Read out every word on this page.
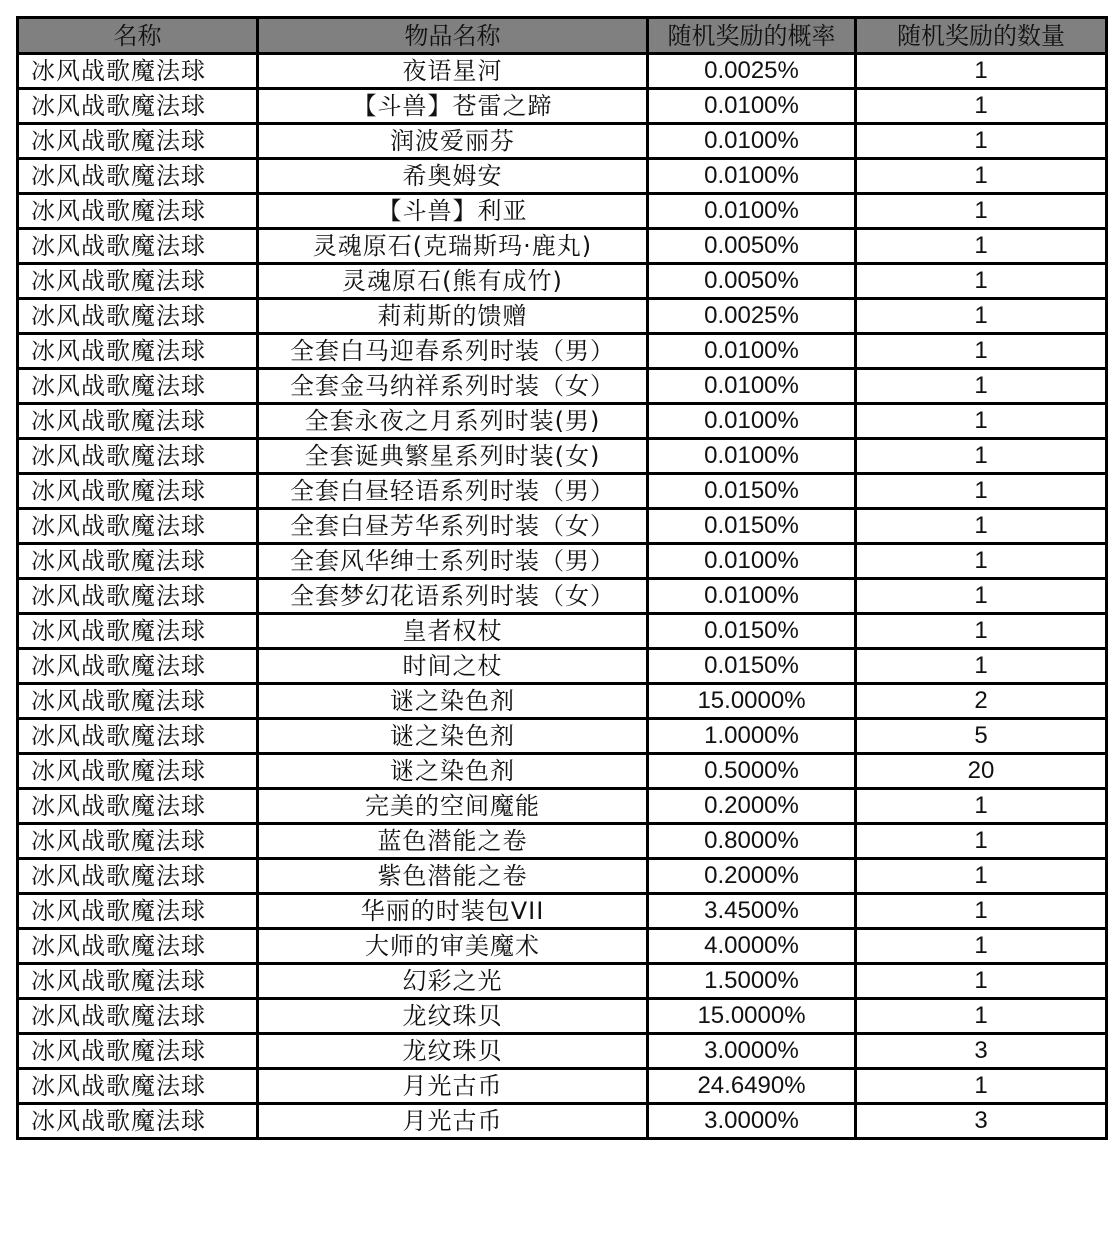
名称	物品名称	随机奖励的概率	随机奖励的数量
冰风战歌魔法球	夜语星河	0.0025%	1
冰风战歌魔法球	【斗兽】苍雷之蹄	0.0100%	1
冰风战歌魔法球	润波爱丽芬	0.0100%	1
冰风战歌魔法球	希奥姆安	0.0100%	1
冰风战歌魔法球	【斗兽】利亚	0.0100%	1
冰风战歌魔法球	灵魂原石(克瑞斯玛·鹿丸)	0.0050%	1
冰风战歌魔法球	灵魂原石(熊有成竹)	0.0050%	1
冰风战歌魔法球	莉莉斯的馈赠	0.0025%	1
冰风战歌魔法球	全套白马迎春系列时装（男）	0.0100%	1
冰风战歌魔法球	全套金马纳祥系列时装（女）	0.0100%	1
冰风战歌魔法球	全套永夜之月系列时装(男)	0.0100%	1
冰风战歌魔法球	全套诞典繁星系列时装(女)	0.0100%	1
冰风战歌魔法球	全套白昼轻语系列时装（男）	0.0150%	1
冰风战歌魔法球	全套白昼芳华系列时装（女）	0.0150%	1
冰风战歌魔法球	全套风华绅士系列时装（男）	0.0100%	1
冰风战歌魔法球	全套梦幻花语系列时装（女）	0.0100%	1
冰风战歌魔法球	皇者权杖	0.0150%	1
冰风战歌魔法球	时间之杖	0.0150%	1
冰风战歌魔法球	谜之染色剂	15.0000%	2
冰风战歌魔法球	谜之染色剂	1.0000%	5
冰风战歌魔法球	谜之染色剂	0.5000%	20
冰风战歌魔法球	完美的空间魔能	0.2000%	1
冰风战歌魔法球	蓝色潜能之卷	0.8000%	1
冰风战歌魔法球	紫色潜能之卷	0.2000%	1
冰风战歌魔法球	华丽的时装包VII	3.4500%	1
冰风战歌魔法球	大师的审美魔术	4.0000%	1
冰风战歌魔法球	幻彩之光	1.5000%	1
冰风战歌魔法球	龙纹珠贝	15.0000%	1
冰风战歌魔法球	龙纹珠贝	3.0000%	3
冰风战歌魔法球	月光古币	24.6490%	1
冰风战歌魔法球	月光古币	3.0000%	3
